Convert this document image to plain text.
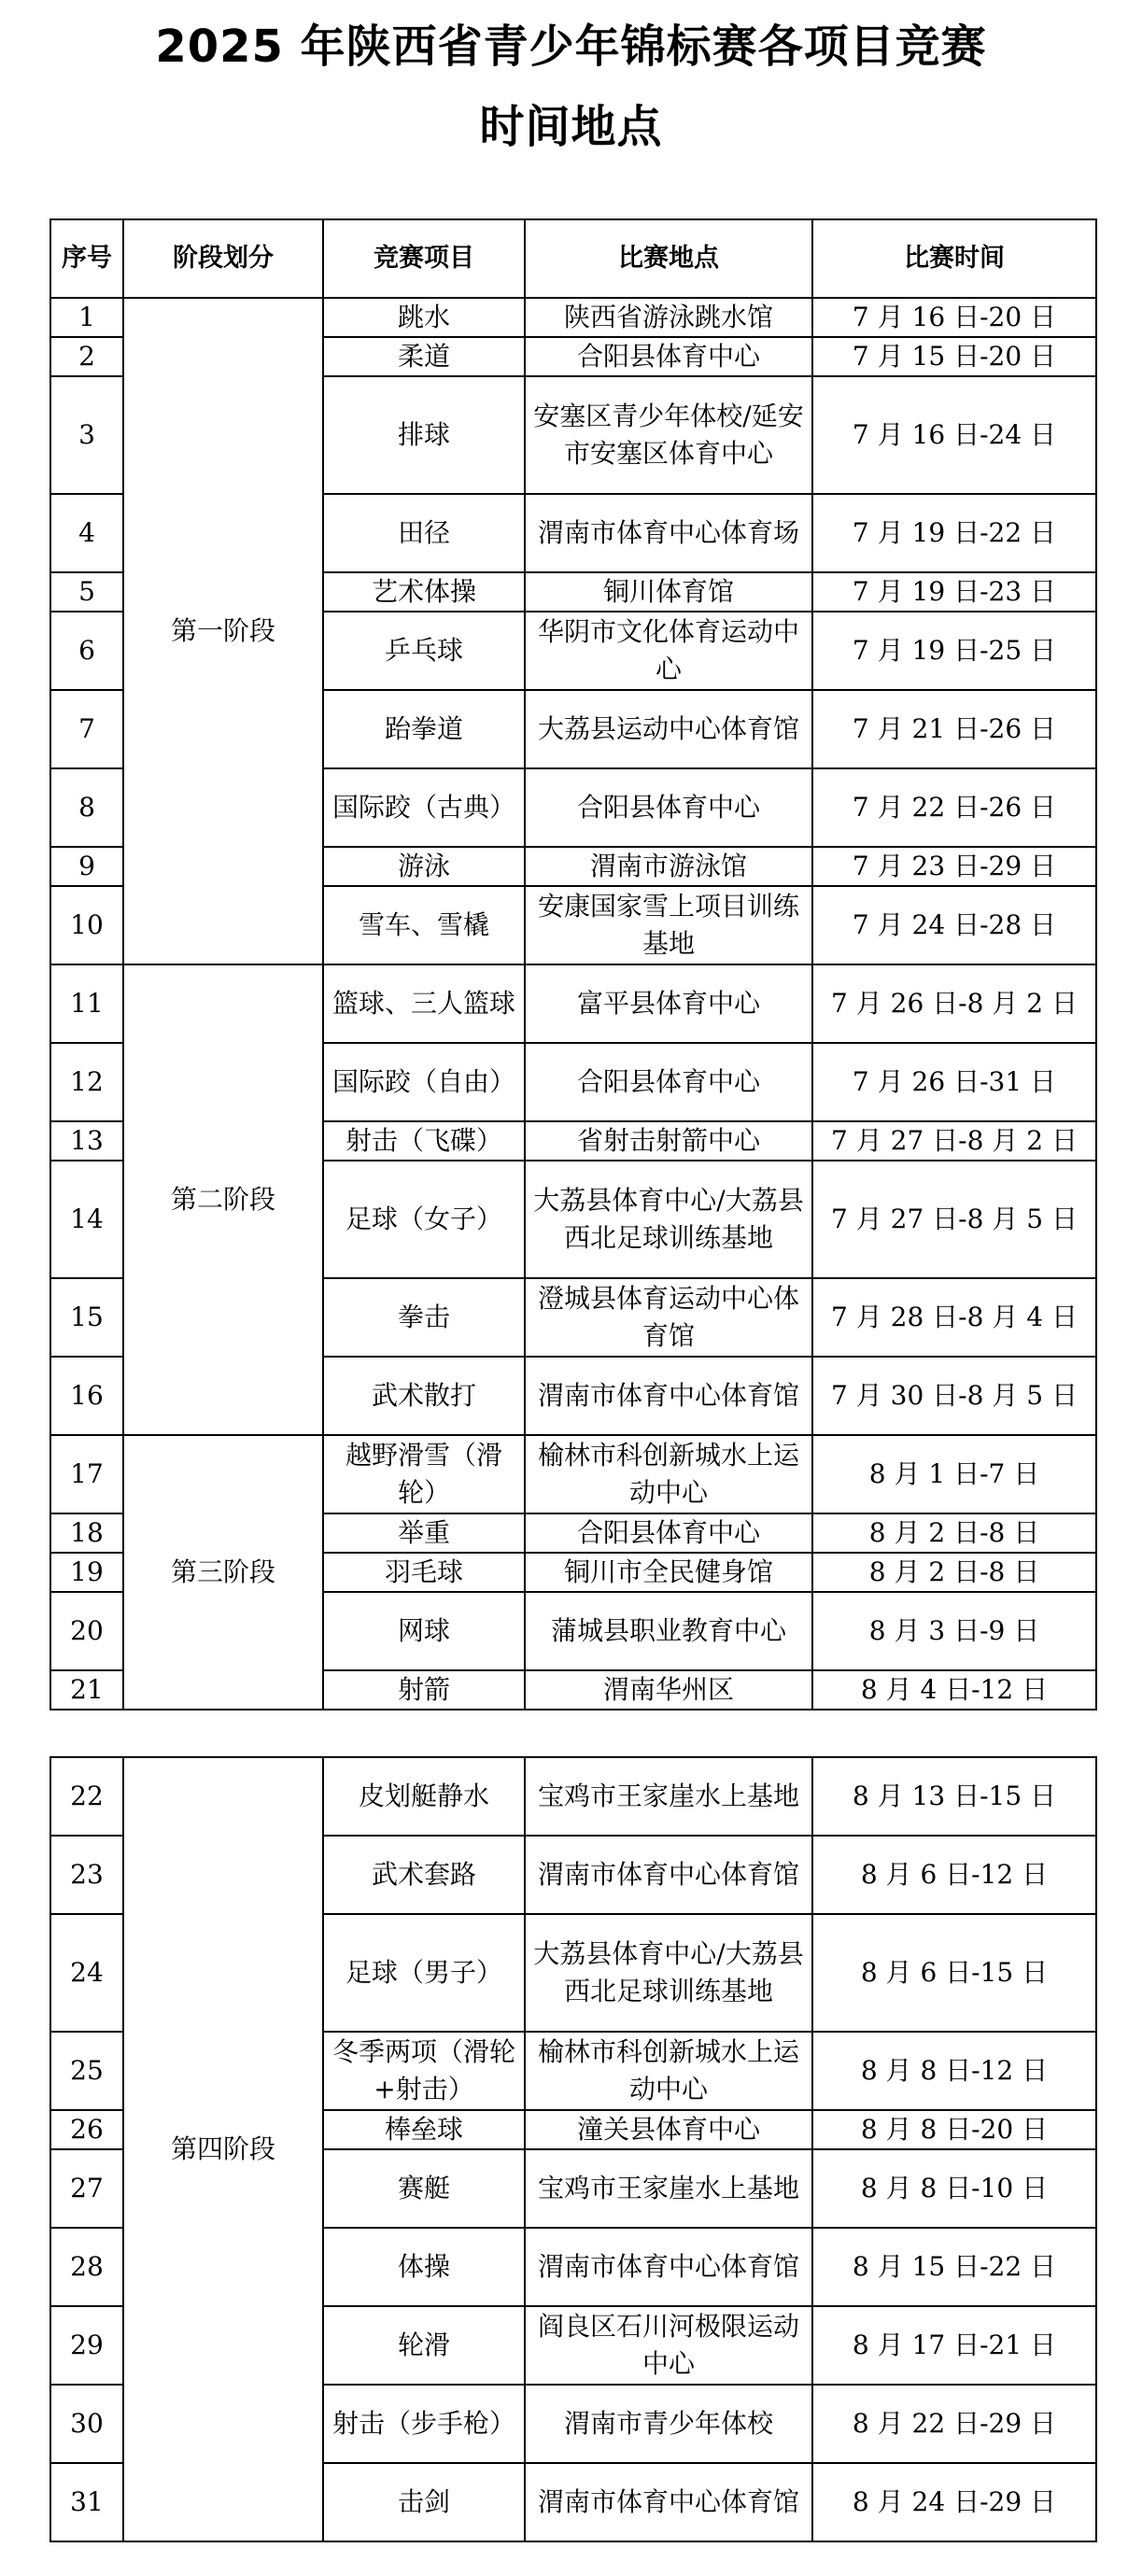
2025 年陕西省青少年锦标赛各项目竞赛
时间地点
序号	阶段划分	竞赛项目	比赛地点	比赛时间
1	第一阶段	跳水	陕西省游泳跳水馆	7 月 16 日-20 日
2		柔道	合阳县体育中心	7 月 15 日-20 日
3		排球	安塞区青少年体校/延安市安塞区体育中心	7 月 16 日-24 日
4		田径	渭南市体育中心体育场	7 月 19 日-22 日
5		艺术体操	铜川体育馆	7 月 19 日-23 日
6		乒乓球	华阴市文化体育运动中心	7 月 19 日-25 日
7		跆拳道	大荔县运动中心体育馆	7 月 21 日-26 日
8		国际跤（古典）	合阳县体育中心	7 月 22 日-26 日
9		游泳	渭南市游泳馆	7 月 23 日-29 日
10		雪车、雪橇	安康国家雪上项目训练基地	7 月 24 日-28 日
11	第二阶段	篮球、三人篮球	富平县体育中心	7 月 26 日-8 月 2 日
12		国际跤（自由）	合阳县体育中心	7 月 26 日-31 日
13		射击（飞碟）	省射击射箭中心	7 月 27 日-8 月 2 日
14		足球（女子）	大荔县体育中心/大荔县西北足球训练基地	7 月 27 日-8 月 5 日
15		拳击	澄城县体育运动中心体育馆	7 月 28 日-8 月 4 日
16		武术散打	渭南市体育中心体育馆	7 月 30 日-8 月 5 日
17	第三阶段	越野滑雪（滑轮）	榆林市科创新城水上运动中心	8 月 1 日-7 日
18		举重	合阳县体育中心	8 月 2 日-8 日
19		羽毛球	铜川市全民健身馆	8 月 2 日-8 日
20		网球	蒲城县职业教育中心	8 月 3 日-9 日
21		射箭	渭南华州区	8 月 4 日-12 日
22	第四阶段	皮划艇静水	宝鸡市王家崖水上基地	8 月 13 日-15 日
23		武术套路	渭南市体育中心体育馆	8 月 6 日-12 日
24		足球（男子）	大荔县体育中心/大荔县西北足球训练基地	8 月 6 日-15 日
25		冬季两项（滑轮+射击）	榆林市科创新城水上运动中心	8 月 8 日-12 日
26		棒垒球	潼关县体育中心	8 月 8 日-20 日
27		赛艇	宝鸡市王家崖水上基地	8 月 8 日-10 日
28		体操	渭南市体育中心体育馆	8 月 15 日-22 日
29		轮滑	阎良区石川河极限运动中心	8 月 17 日-21 日
30		射击（步手枪）	渭南市青少年体校	8 月 22 日-29 日
31		击剑	渭南市体育中心体育馆	8 月 24 日-29 日
